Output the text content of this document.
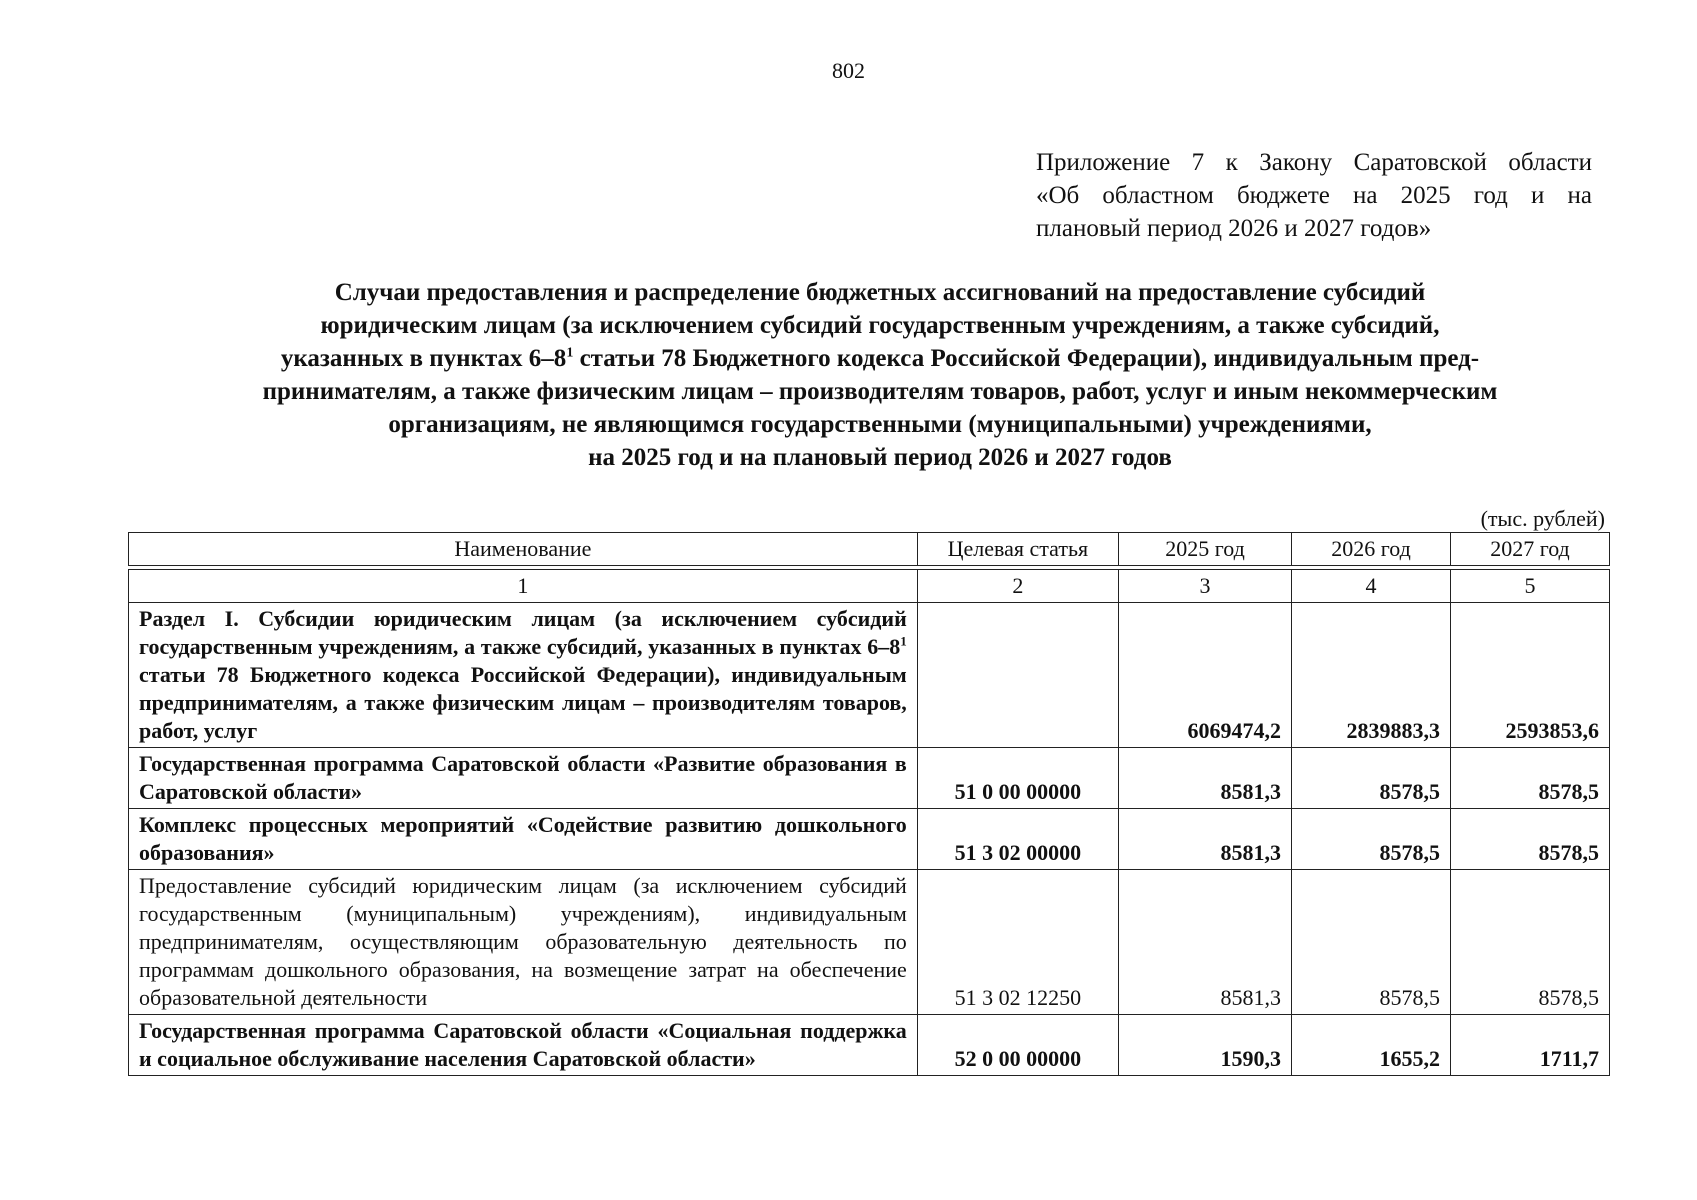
802
Приложение 7 к Закону Саратовской области
«Об областном бюджете на 2025 год и на
плановый период 2026 и 2027 годов»
Случаи предоставления и распределение бюджетных ассигнований на предоставление субсидий
юридическим лицам (за исключением субсидий государственным учреждениям, а также субсидий,
указанных в пунктах $6-8^1$ статьи 78 Бюджетного кодекса Российской Федерации), индивидуальным пред-
принимателям, а также физическим лицам – производителям товаров, работ, услуг и иным некоммерческим
организациям, не являющимся государственными (муниципальными) учреждениями,
на 2025 год и на плановый период 2026 и 2027 годов
(тыс. рублей)
Наименование	Целевая статья	2025 год	2026 год	2027 год

1	2	3	4	5
Раздел I. Субсидии юридическим лицам (за исключением субсидий государственным учреждениям, а также субсидий, указанных в пунктах $6-8^1$ статьи 78 Бюджетного кодекса Российской Федерации), индивидуальным предпринимателям, а также физическим лицам – производителям товаров, работ, услуг		6069474,2	2839883,3	2593853,6
Государственная программа Саратовской области «Развитие образования в Саратовской области»	51 0 00 00000	8581,3	8578,5	8578,5
Комплекс процессных мероприятий «Содействие развитию дошкольного образования»	51 3 02 00000	8581,3	8578,5	8578,5
Предоставление субсидий юридическим лицам (за исключением субсидий государственным (муниципальным) учреждениям), индивидуальным предпринимателям, осуществляющим образовательную деятельность по программам дошкольного образования, на возмещение затрат на обеспечение образовательной деятельности	51 3 02 12250	8581,3	8578,5	8578,5
Государственная программа Саратовской области «Социальная поддержка и социальное обслуживание населения Саратовской области»	52 0 00 00000	1590,3	1655,2	1711,7
